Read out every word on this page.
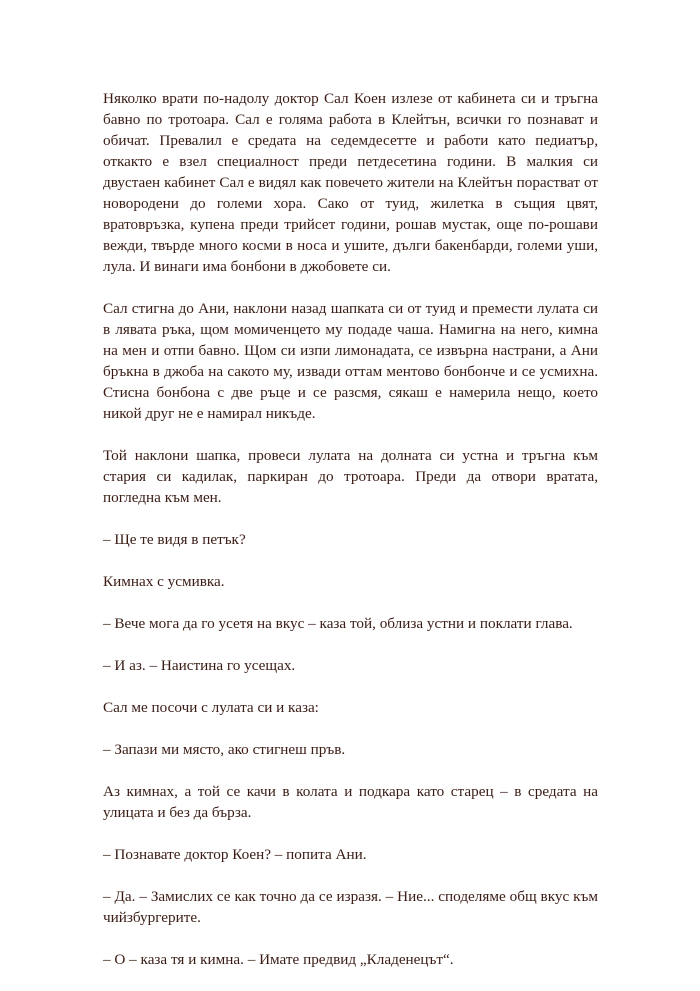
Няколко врати по-надолу доктор Сал Коен излезе от кабинета си и тръгна бавно по тротоара. Сал е голяма работа в Клейтън, всички го познават и обичат. Превалил е средата на седемдесетте и работи като педиатър, откакто е взел специалност преди петдесетина години. В малкия си двустаен кабинет Сал е видял как повечето жители на Клейтън порастват от новородени до големи хора. Сако от туид, жилетка в същия цвят, вратовръзка, купена преди трийсет години, рошав мустак, още по-рошави вежди, твърде много косми в носа и ушите, дълги бакенбарди, големи уши, лула. И винаги има бонбони в джобовете си.

Сал стигна до Ани, наклони назад шапката си от туид и премести лулата си в лявата ръка, щом момиченцето му подаде чаша. Намигна на него, кимна на мен и отпи бавно. Щом си изпи лимонадата, се извърна настрани, а Ани бръкна в джоба на сакото му, извади оттам ментово бонбонче и се усмихна. Стисна бонбона с две ръце и се разсмя, сякаш е намерила нещо, което никой друг не е намирал никъде.

Той наклони шапка, провеси лулата на долната си устна и тръгна към стария си кадилак, паркиран до тротоара. Преди да отвори вратата, погледна към мен.

– Ще те видя в петък?

Кимнах с усмивка.

– Вече мога да го усетя на вкус – каза той, облиза устни и поклати глава.

– И аз. – Наистина го усещах.

Сал ме посочи с лулата си и каза:

– Запази ми място, ако стигнеш пръв.

Аз кимнах, а той се качи в колата и подкара като старец – в средата на улицата и без да бърза.

– Познавате доктор Коен? – попита Ани.

– Да. – Замислих се как точно да се изразя. – Ние... споделяме общ вкус към чийзбургерите.

– О – каза тя и кимна. – Имате предвид „Кладенецът“.
